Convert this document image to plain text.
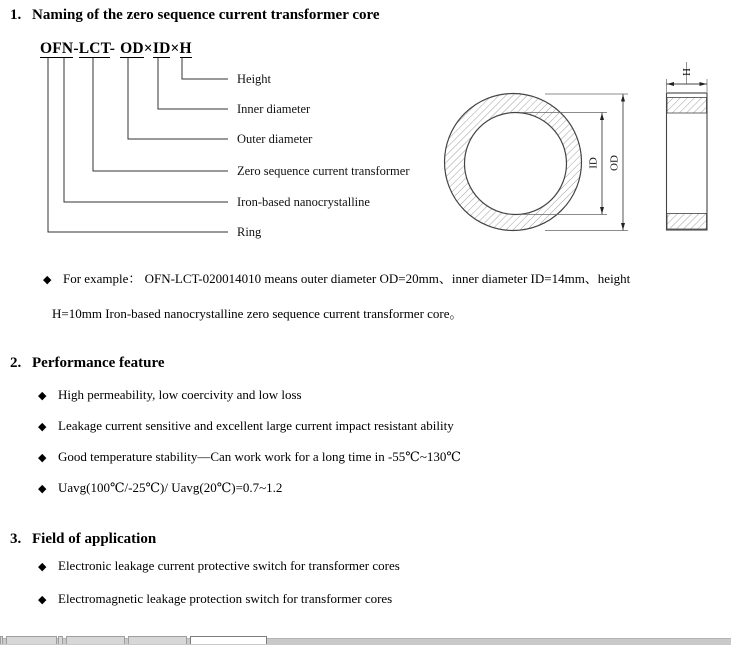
1. Naming of the zero sequence current transformer core
OFN-LCT- OD×ID×H
Height
Inner diameter
Outer diameter
Zero sequence current transformer
Iron-based nanocrystalline
Ring
ID OD
H
◆ For example： OFN-LCT-020014010 means outer diameter OD=20mm、inner diameter ID=14mm、height
H=10mm Iron-based nanocrystalline zero sequence current transformer core。
2. Performance feature
◆ High permeability, low coercivity and low loss
◆ Leakage current sensitive and excellent large current impact resistant ability
◆ Good temperature stability—Can work work for a long time in -55℃~130℃
◆ Uavg(100℃/-25℃)/ Uavg(20℃)=0.7~1.2
3. Field of application
◆ Electronic leakage current protective switch for transformer cores
◆ Electromagnetic leakage protection switch for transformer cores
